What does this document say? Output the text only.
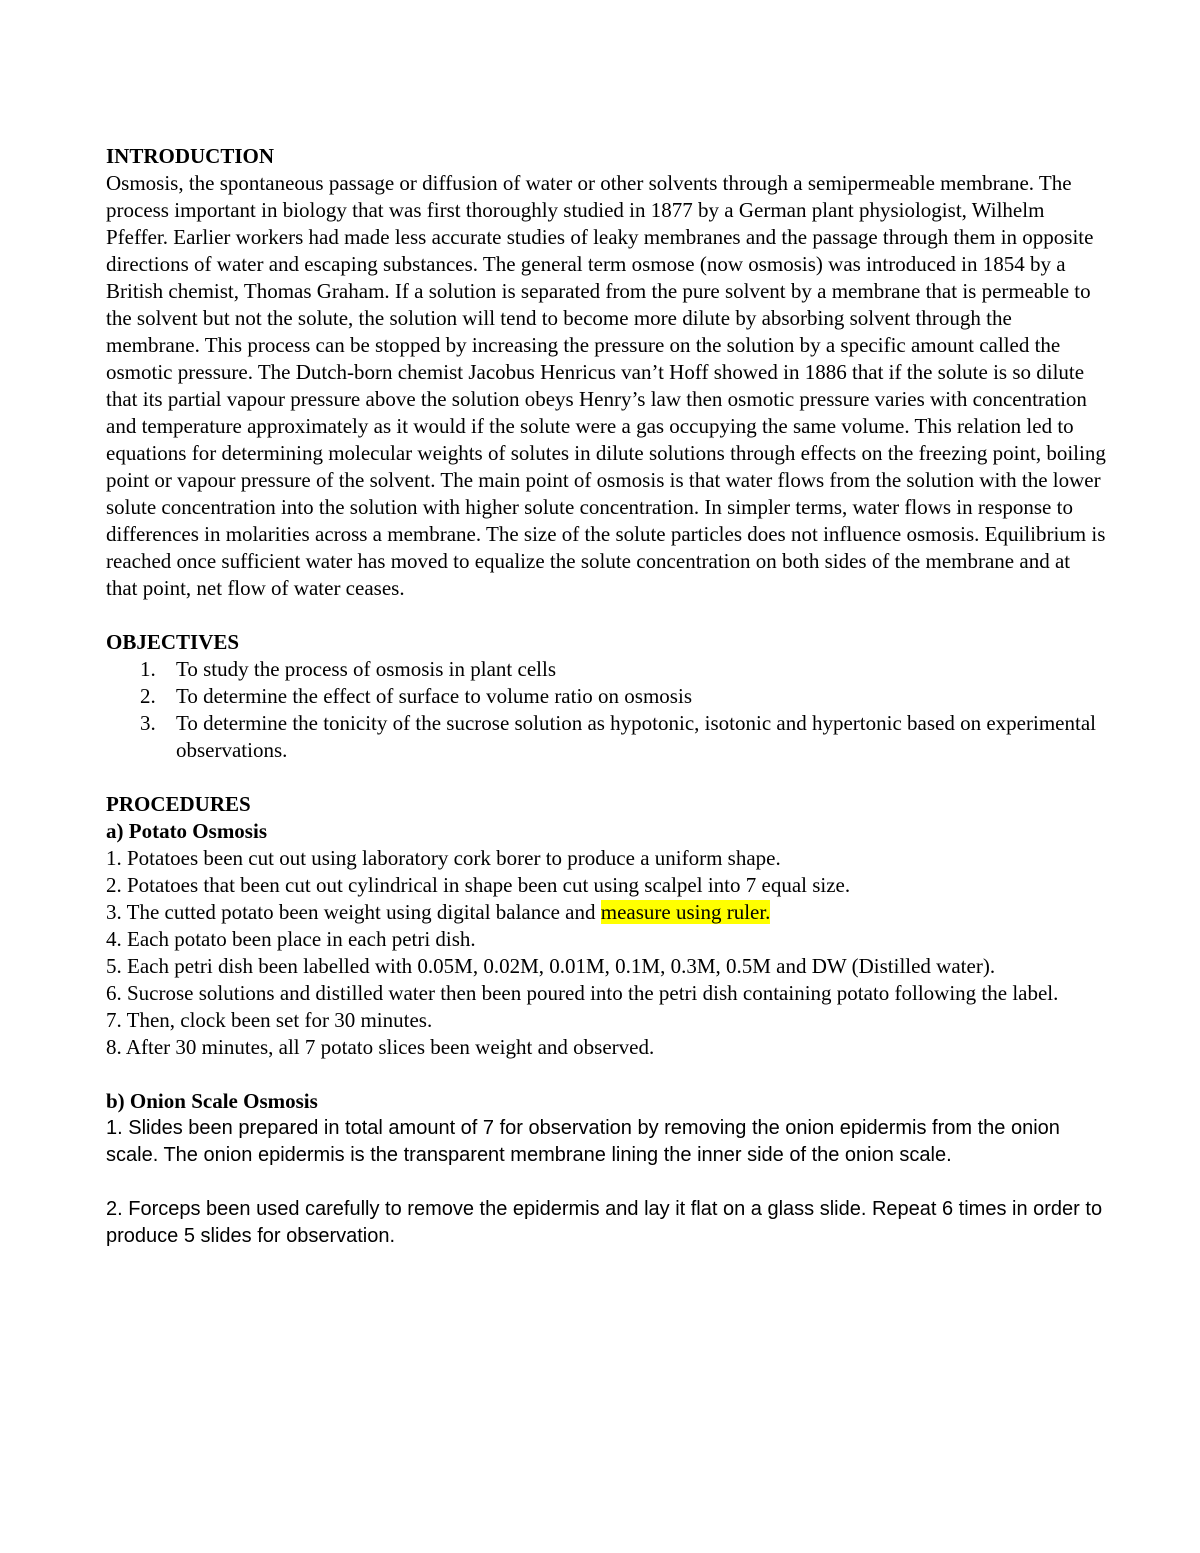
INTRODUCTION

Osmosis, the spontaneous passage or diffusion of water or other solvents through a semipermeable membrane. The process important in biology that was first thoroughly studied in 1877 by a German plant physiologist, Wilhelm Pfeffer. Earlier workers had made less accurate studies of leaky membranes and the passage through them in opposite directions of water and escaping substances. The general term osmose (now osmosis) was introduced in 1854 by a British chemist, Thomas Graham. If a solution is separated from the pure solvent by a membrane that is permeable to the solvent but not the solute, the solution will tend to become more dilute by absorbing solvent through the membrane. This process can be stopped by increasing the pressure on the solution by a specific amount called the osmotic pressure. The Dutch-born chemist Jacobus Henricus van’t Hoff showed in 1886 that if the solute is so dilute that its partial vapour pressure above the solution obeys Henry’s law then osmotic pressure varies with concentration and temperature approximately as it would if the solute were a gas occupying the same volume. This relation led to equations for determining molecular weights of solutes in dilute solutions through effects on the freezing point, boiling point or vapour pressure of the solvent. The main point of osmosis is that water flows from the solution with the lower solute concentration into the solution with higher solute concentration. In simpler terms, water flows in response to differences in molarities across a membrane. The size of the solute particles does not influence osmosis. Equilibrium is reached once sufficient water has moved to equalize the solute concentration on both sides of the membrane and at that point, net flow of water ceases.

OBJECTIVES

1. To study the process of osmosis in plant cells
2. To determine the effect of surface to volume ratio on osmosis
3. To determine the tonicity of the sucrose solution as hypotonic, isotonic and hypertonic based on experimental observations.

PROCEDURES

a) Potato Osmosis

1. Potatoes been cut out using laboratory cork borer to produce a uniform shape.

2. Potatoes that been cut out cylindrical in shape been cut using scalpel into 7 equal size.

3. The cutted potato been weight using digital balance and measure using ruler.

4. Each potato been place in each petri dish.

5. Each petri dish been labelled with 0.05M, 0.02M, 0.01M, 0.1M, 0.3M, 0.5M and DW (Distilled water).

6. Sucrose solutions and distilled water then been poured into the petri dish containing potato following the label.

7. Then, clock been set for 30 minutes.

8. After 30 minutes, all 7 potato slices been weight and observed.

b) Onion Scale Osmosis

1. Slides been prepared in total amount of 7 for observation by removing the onion epidermis from the onion scale. The onion epidermis is the transparent membrane lining the inner side of the onion scale.

2. Forceps been used carefully to remove the epidermis and lay it flat on a glass slide. Repeat 6 times in order to produce 5 slides for observation.
